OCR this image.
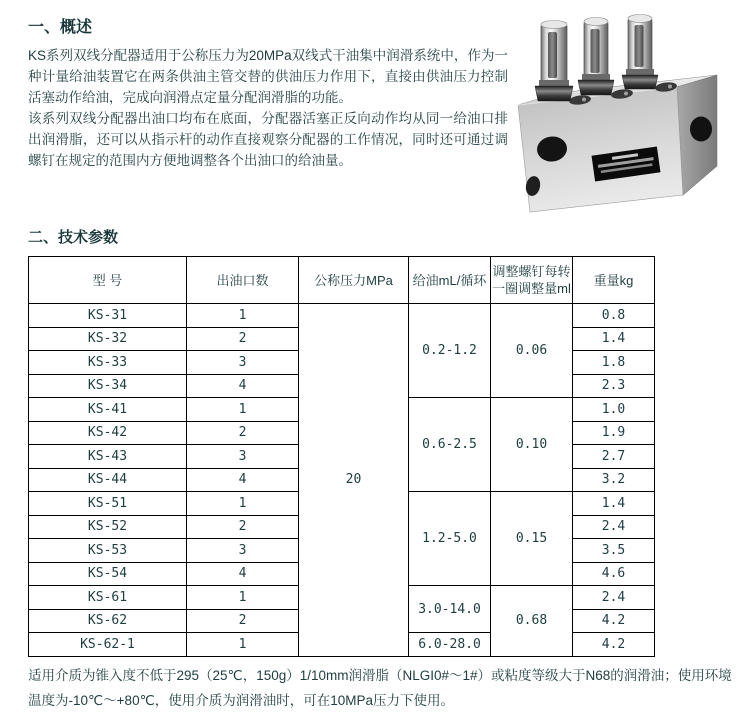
一、概述

KS系列双线分配器适用于公称压力为20MPa双线式干油集中润滑系统中，作为一种计量给油装置它在两条供油主管交替的供油压力作用下，直接由供油压力控制活塞动作给油，完成向润滑点定量分配润滑脂的功能。

该系列双线分配器出油口均布在底面，分配器活塞正反向动作均从同一给油口排出润滑脂，还可以从指示杆的动作直接观察分配器的工作情况，同时还可通过调螺钉在规定的范围内方便地调整各个出油口的给油量。

二、技术参数
型 号	出油口数	公称压力MPa	给油mL/循环	调整螺钉每转一圈调整量ml	重量kg
KS-31	1	20	0.2-1.2	0.06	0.8
KS-32	2				1.4
KS-33	3				1.8
KS-34	4				2.3
KS-41	1		0.6-2.5	0.10	1.0
KS-42	2				1.9
KS-43	3				2.7
KS-44	4				3.2
KS-51	1		1.2-5.0	0.15	1.4
KS-52	2				2.4
KS-53	3				3.5
KS-54	4				4.6
KS-61	1		3.0-14.0	0.68	2.4
KS-62	2				4.2
KS-62-1	1		6.0-28.0		4.2

适用介质为锥入度不低于295（25℃，150g）1/10mm润滑脂（NLGI0#～1#）或粘度等级大于N68的润滑油；使用环境温度为-10℃～+80℃，使用介质为润滑油时，可在10MPa压力下使用。
